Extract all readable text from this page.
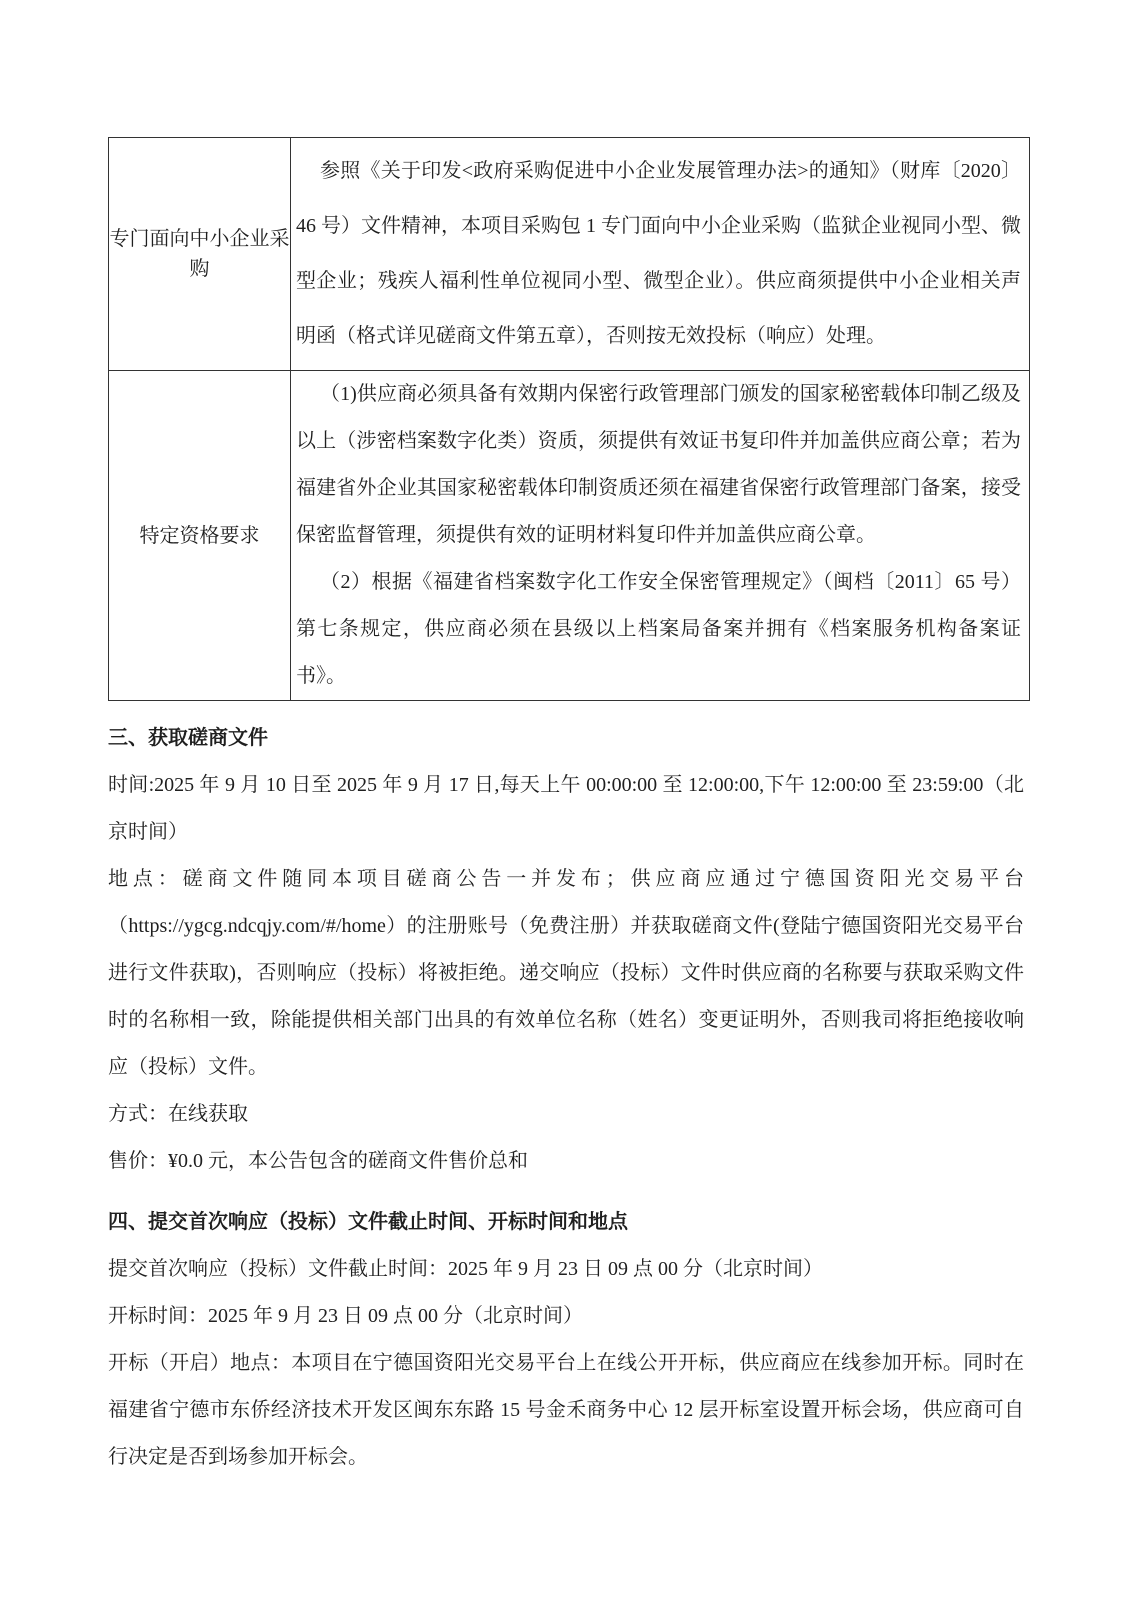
专门面向中小企业采购	参照《关于印发<政府采购促进中小企业发展管理办法>的通知》（财库〔2020〕46 号）文件精神，本项目采购包 1 专门面向中小企业采购（监狱企业视同小型、微型企业；残疾人福利性单位视同小型、微型企业）。供应商须提供中小企业相关声明函（格式详见磋商文件第五章），否则按无效投标（响应）处理。

特定资格要求	（1)供应商必须具备有效期内保密行政管理部门颁发的国家秘密载体印制乙级及以上（涉密档案数字化类）资质，须提供有效证书复印件并加盖供应商公章；若为福建省外企业其国家秘密载体印制资质还须在福建省保密行政管理部门备案，接受保密监督管理，须提供有效的证明材料复印件并加盖供应商公章。

（2）根据《福建省档案数字化工作安全保密管理规定》（闽档〔2011〕65 号）第七条规定，供应商必须在县级以上档案局备案并拥有《档案服务机构备案证书》。

三、获取磋商文件

时间:2025 年 9 月 10 日至 2025 年 9 月 17 日,每天上午 00:00:00 至 12:00:00,下午 12:00:00 至 23:59:00（北京时间）

地点：磋商文件随同本项目磋商公告一并发布；供应商应通过宁德国资阳光交易平台（https://ygcg.ndcqjy.com/#/home）的注册账号（免费注册）并获取磋商文件(登陆宁德国资阳光交易平台进行文件获取)，否则响应（投标）将被拒绝。递交响应（投标）文件时供应商的名称要与获取采购文件时的名称相一致，除能提供相关部门出具的有效单位名称（姓名）变更证明外，否则我司将拒绝接收响应（投标）文件。

方式：在线获取

售价：¥0.0 元，本公告包含的磋商文件售价总和

四、提交首次响应（投标）文件截止时间、开标时间和地点

提交首次响应（投标）文件截止时间：2025 年 9 月 23 日 09 点 00 分（北京时间）

开标时间：2025 年 9 月 23 日 09 点 00 分（北京时间）

开标（开启）地点：本项目在宁德国资阳光交易平台上在线公开开标，供应商应在线参加开标。同时在福建省宁德市东侨经济技术开发区闽东东路 15 号金禾商务中心 12 层开标室设置开标会场，供应商可自行决定是否到场参加开标会。
